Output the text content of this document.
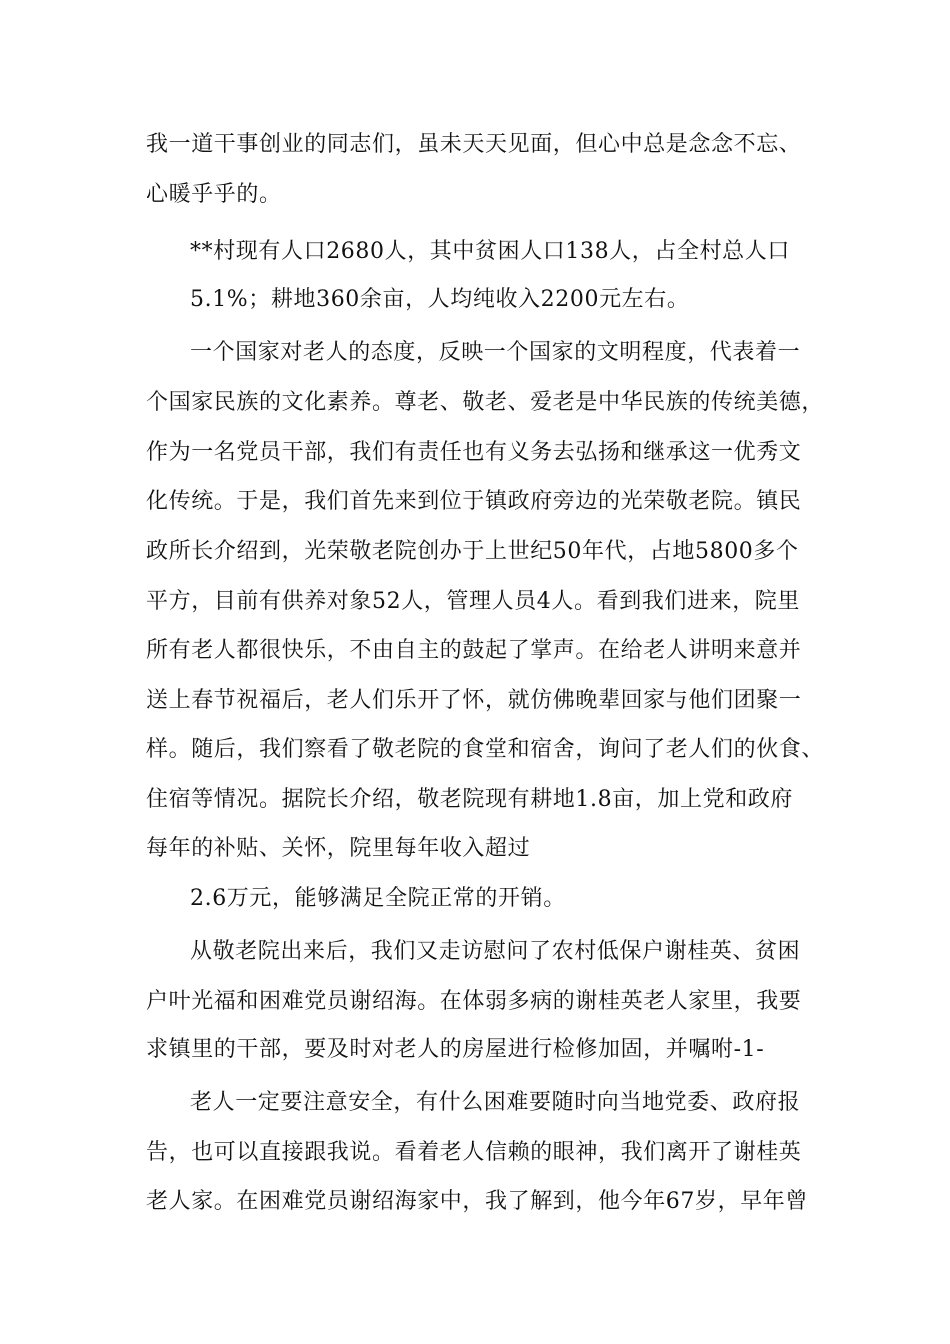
我一道干事创业的同志们，虽未天天见面，但心中总是念念不忘、

心暖乎乎的。

**村现有人口2680人，其中贫困人口138人，占全村总人口

5.1%；耕地360余亩，人均纯收入2200元左右。

一个国家对老人的态度，反映一个国家的文明程度，代表着一

个国家民族的文化素养。尊老、敬老、爱老是中华民族的传统美德，

作为一名党员干部，我们有责任也有义务去弘扬和继承这一优秀文

化传统。于是，我们首先来到位于镇政府旁边的光荣敬老院。镇民

政所长介绍到，光荣敬老院创办于上世纪50年代，占地5800多个

平方，目前有供养对象52人，管理人员4人。看到我们进来，院里

所有老人都很快乐，不由自主的鼓起了掌声。在给老人讲明来意并

送上春节祝福后，老人们乐开了怀，就仿佛晚辈回家与他们团聚一

样。随后，我们察看了敬老院的食堂和宿舍，询问了老人们的伙食、

住宿等情况。据院长介绍，敬老院现有耕地1.8亩，加上党和政府

每年的补贴、关怀，院里每年收入超过

2.6万元，能够满足全院正常的开销。

从敬老院出来后，我们又走访慰问了农村低保户谢桂英、贫困

户叶光福和困难党员谢绍海。在体弱多病的谢桂英老人家里，我要

求镇里的干部，要及时对老人的房屋进行检修加固，并嘱咐-1-

老人一定要注意安全，有什么困难要随时向当地党委、政府报

告，也可以直接跟我说。看着老人信赖的眼神，我们离开了谢桂英

老人家。在困难党员谢绍海家中，我了解到，他今年67岁，早年曾
